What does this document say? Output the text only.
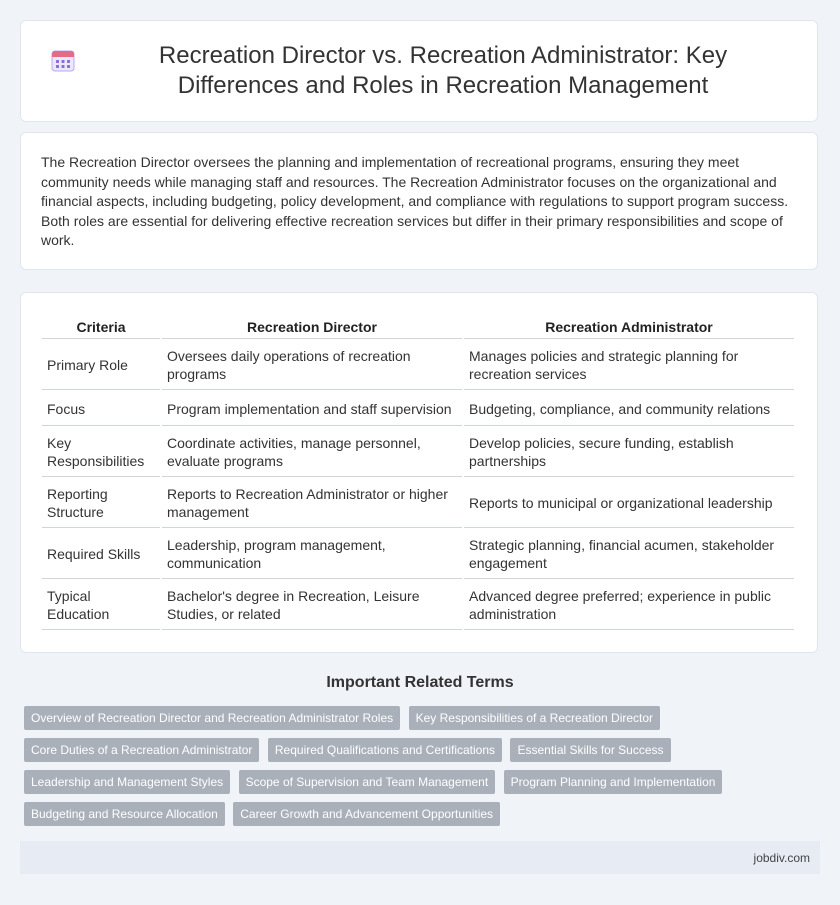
Recreation Director vs. Recreation Administrator: Key Differences and Roles in Recreation Management

The Recreation Director oversees the planning and implementation of recreational programs, ensuring they meet community needs while managing staff and resources. The Recreation Administrator focuses on the organizational and financial aspects, including budgeting, policy development, and compliance with regulations to support program success. Both roles are essential for delivering effective recreation services but differ in their primary responsibilities and scope of work.

Criteria	Recreation Director	Recreation Administrator
Primary Role	Oversees daily operations of recreation programs	Manages policies and strategic planning for recreation services
Focus	Program implementation and staff supervision	Budgeting, compliance, and community relations
Key Responsibilities	Coordinate activities, manage personnel, evaluate programs	Develop policies, secure funding, establish partnerships
Reporting Structure	Reports to Recreation Administrator or higher management	Reports to municipal or organizational leadership
Required Skills	Leadership, program management, communication	Strategic planning, financial acumen, stakeholder engagement
Typical Education	Bachelor's degree in Recreation, Leisure Studies, or related	Advanced degree preferred; experience in public administration
Important Related Terms
Overview of Recreation Director and Recreation Administrator Roles Key Responsibilities of a Recreation Director Core Duties of a Recreation Administrator Required Qualifications and Certifications Essential Skills for Success Leadership and Management Styles Scope of Supervision and Team Management Program Planning and Implementation Budgeting and Resource Allocation Career Growth and Advancement Opportunities
jobdiv.com
